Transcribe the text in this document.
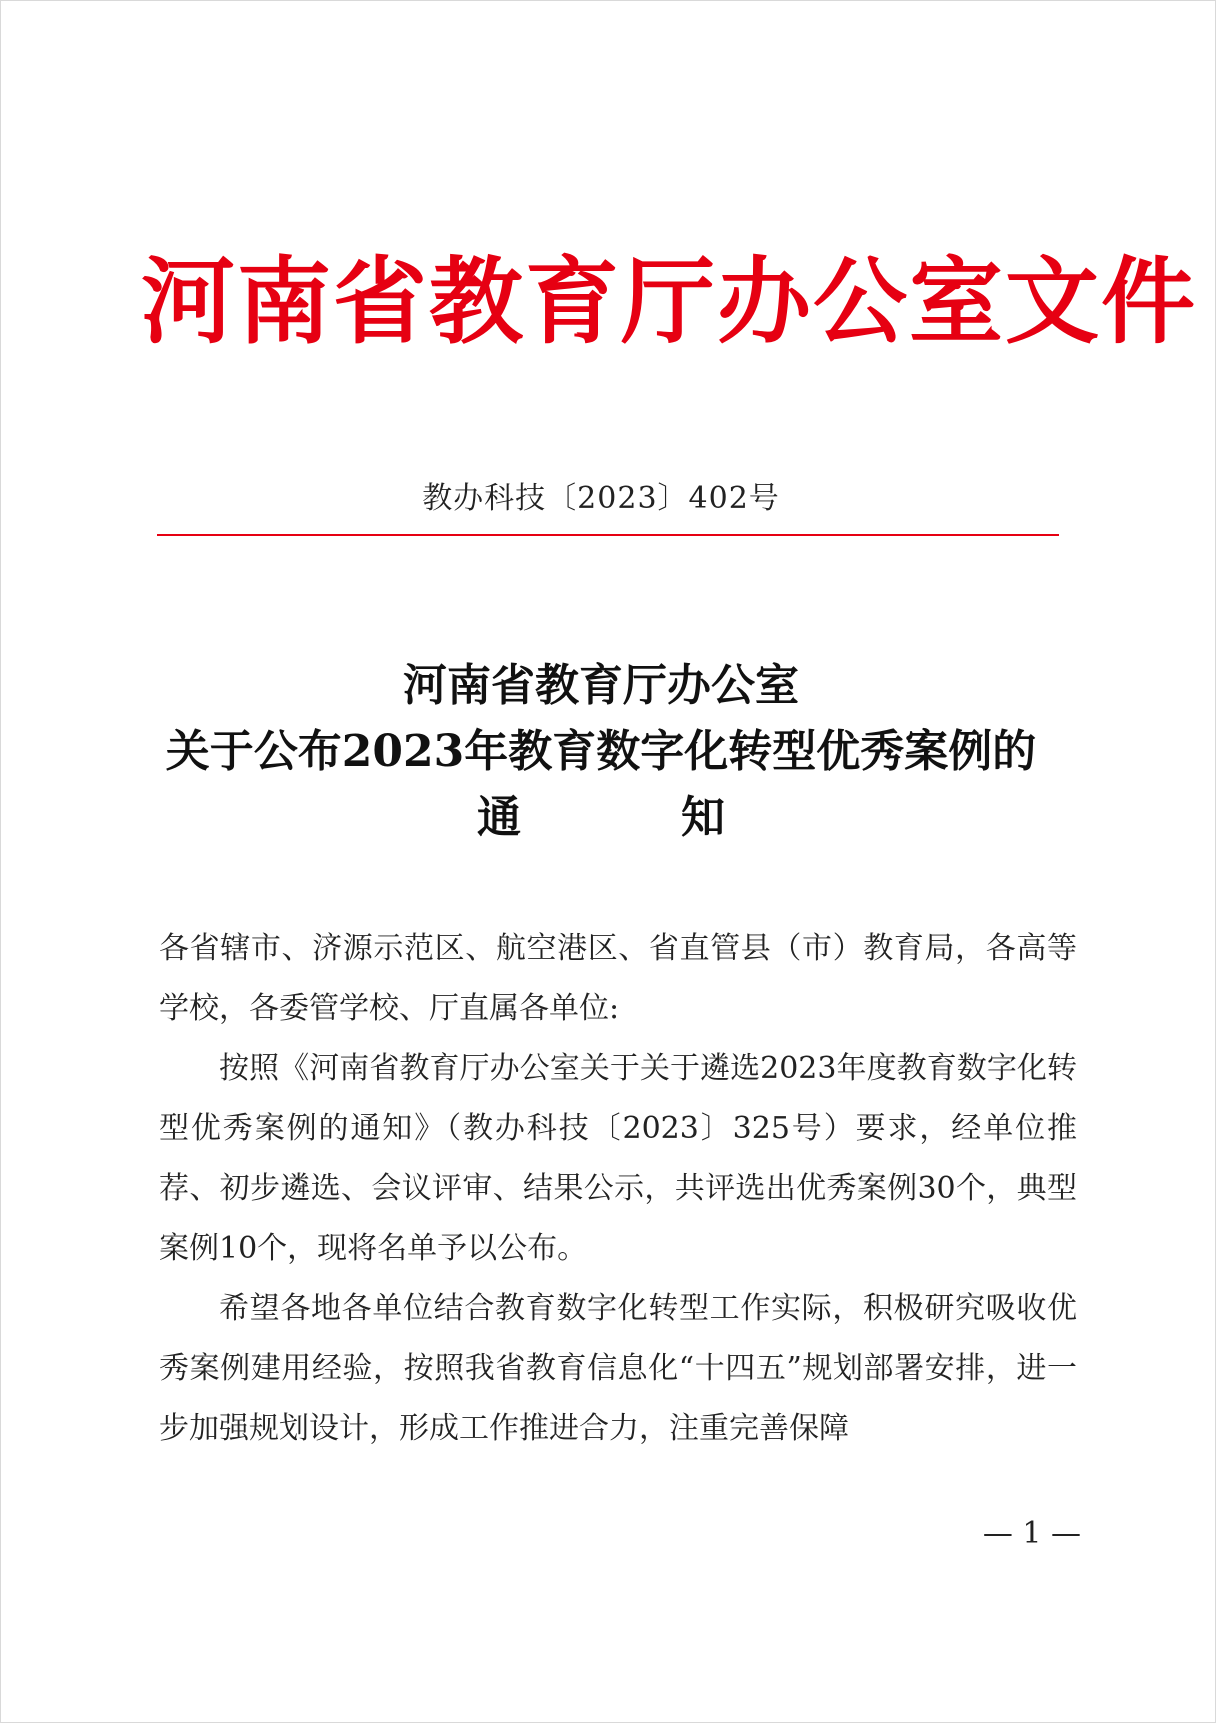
河南省教育厅办公室文件
教办科技〔2023〕402号
河南省教育厅办公室
关于公布2023年教育数字化转型优秀案例的
通	知

各省辖市、济源示范区、航空港区、省直管县（市）教育局，各高等学校，各委管学校、厅直属各单位:

按照《河南省教育厅办公室关于关于遴选2023年度教育数字化转型优秀案例的通知》（教办科技〔2023〕325号）要求，经单位推荐、初步遴选、会议评审、结果公示，共评选出优秀案例30个，典型案例10个，现将名单予以公布。

希望各地各单位结合教育数字化转型工作实际，积极研究吸收优秀案例建用经验，按照我省教育信息化“十四五”规划部署安排，进一步加强规划设计，形成工作推进合力，注重完善保障

— 1 —
